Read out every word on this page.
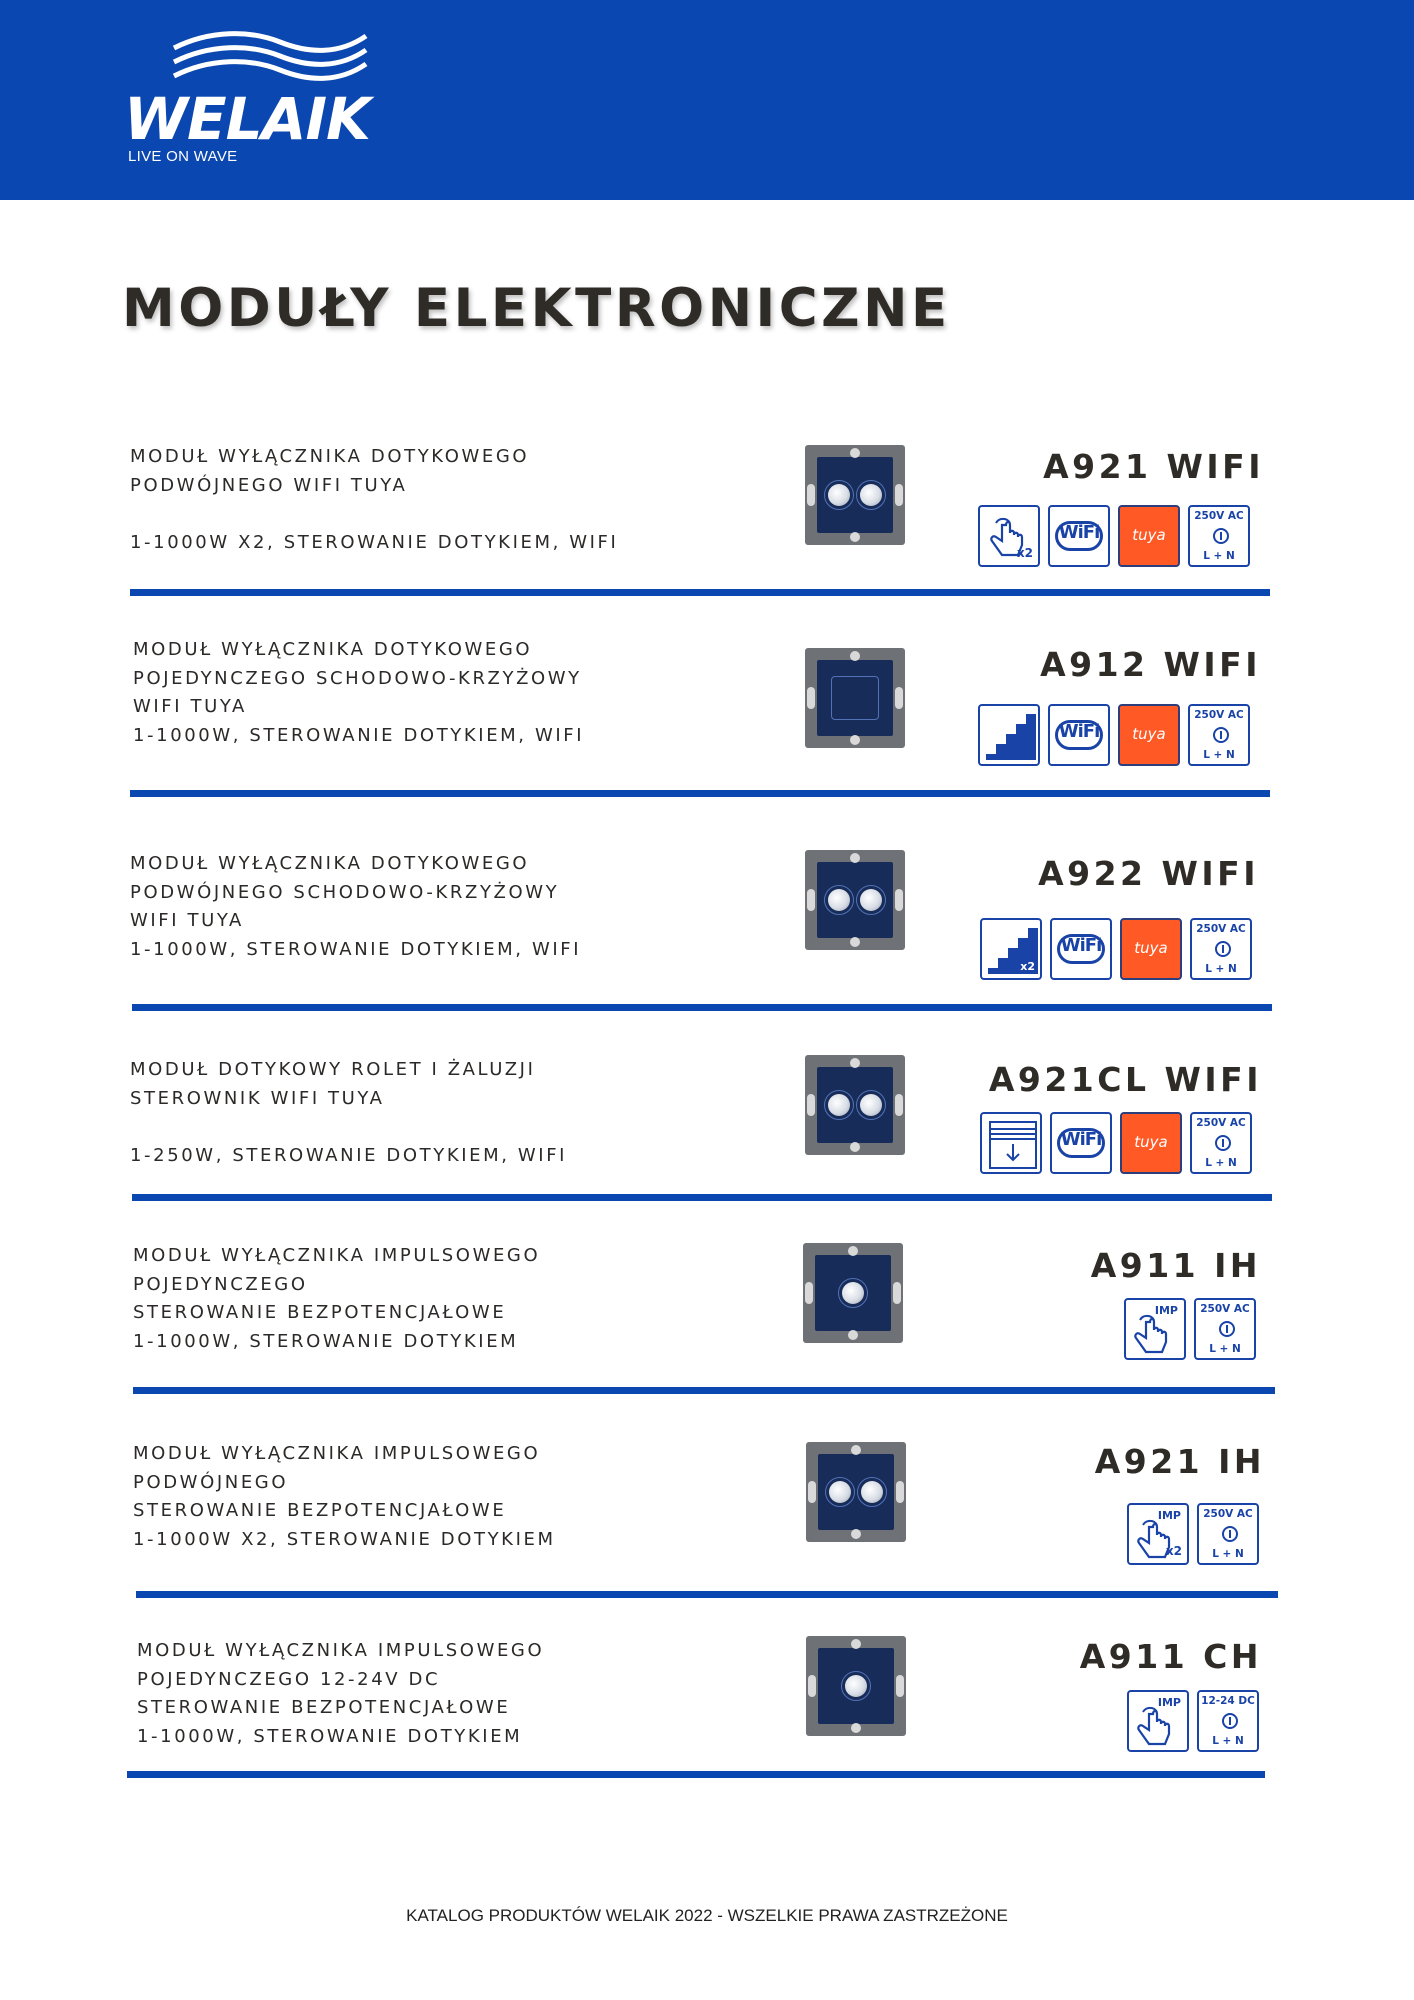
WELAIK
LIVE ON WAVE
MODUŁY ELEKTRONICZNE
MODUŁ WYŁĄCZNIKA DOTYKOWEGO
PODWÓJNEGO WIFI TUYA
1-1000W X2, STEROWANIE DOTYKIEM, WIFI
A921 WIFI
x2
WiFi	tuya
250V AC
L + N
MODUŁ WYŁĄCZNIKA DOTYKOWEGO
POJEDYNCZEGO SCHODOWO-KRZYŻOWY
WIFI TUYA
1-1000W, STEROWANIE DOTYKIEM, WIFI
A912 WIFI
WiFi	tuya
250V AC
L + N
MODUŁ WYŁĄCZNIKA DOTYKOWEGO
PODWÓJNEGO SCHODOWO-KRZYŻOWY
WIFI TUYA
1-1000W, STEROWANIE DOTYKIEM, WIFI
A922 WIFI
x2
WiFi	tuya
250V AC
L + N
MODUŁ DOTYKOWY ROLET I ŻALUZJI
STEROWNIK WIFI TUYA
1-250W, STEROWANIE DOTYKIEM, WIFI
A921CL WIFI
WiFi	tuya
250V AC
L + N
MODUŁ WYŁĄCZNIKA IMPULSOWEGO
POJEDYNCZEGO
STEROWANIE BEZPOTENCJAŁOWE
1-1000W, STEROWANIE DOTYKIEM
A911 IH
IMP	250V AC
L + N
MODUŁ WYŁĄCZNIKA IMPULSOWEGO
PODWÓJNEGO
STEROWANIE BEZPOTENCJAŁOWE
1-1000W X2, STEROWANIE DOTYKIEM
A921 IH
IMP
x2
250V AC
L + N
MODUŁ WYŁĄCZNIKA IMPULSOWEGO
POJEDYNCZEGO 12-24V DC
STEROWANIE BEZPOTENCJAŁOWE
1-1000W, STEROWANIE DOTYKIEM
A911 CH
IMP 12-24 DC
L + N
KATALOG PRODUKTÓW WELAIK 2022 - WSZELKIE PRAWA ZASTRZEŻONE
